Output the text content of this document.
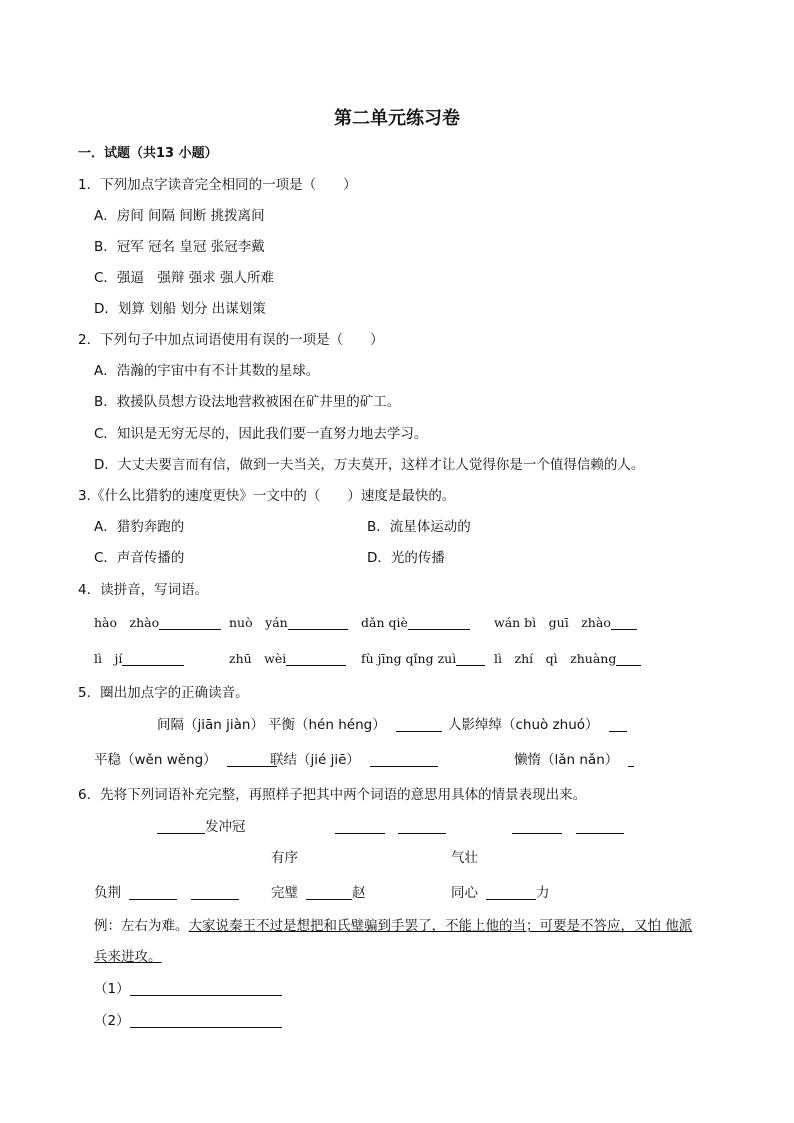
第二单元练习卷
一．试题（共13 小题）
1．下列加点字读音完全相同的一项是（　　）
A．房间 间隔 间断 挑拨离间
B．冠军 冠名 皇冠 张冠李戴
C．强逼　强辩 强求 强人所难
D．划算 划船 划分 出谋划策
2．下列句子中加点词语使用有误的一项是（　　）
A．浩瀚的宇宙中有不计其数的星球。
B．救援队员想方设法地营救被困在矿井里的矿工。
C．知识是无穷无尽的，因此我们要一直努力地去学习。
D．大丈夫要言而有信，做到一夫当关，万夫莫开，这样才让人觉得你是一个值得信赖的人。
3.《什么比猎豹的速度更快》一文中的（　　）速度是最快的。
A．猎豹奔跑的	B．流星体运动的
C．声音传播的	D．光的传播
4．读拼音，写词语。
hào　zhào	nuò　yán	dǎn qiè	wán bì　guī　zhào
lì　jí	zhū　wèi	fù jīng qǐng zuì	lì　zhí　qì　zhuàng
5．圈出加点字的正确读音。
间隔（jiān jiàn） 平衡（hén héng）	人影绰绰（chuò zhuó）
平稳（wěn wěng）	联结（jié jiē）	懒惰（lǎn nǎn）
6．先将下列词语补充完整，再照样子把其中两个词语的意思用具体的情景表现出来。
发冲冠
有序	气壮
负荆	完璧	赵	同心	力
例：左右为难。大家说秦王不过是想把和氏璧骗到手罢了，不能上他的当；可要是不答应，又怕 他派
兵来进攻。
（1）
（2）
